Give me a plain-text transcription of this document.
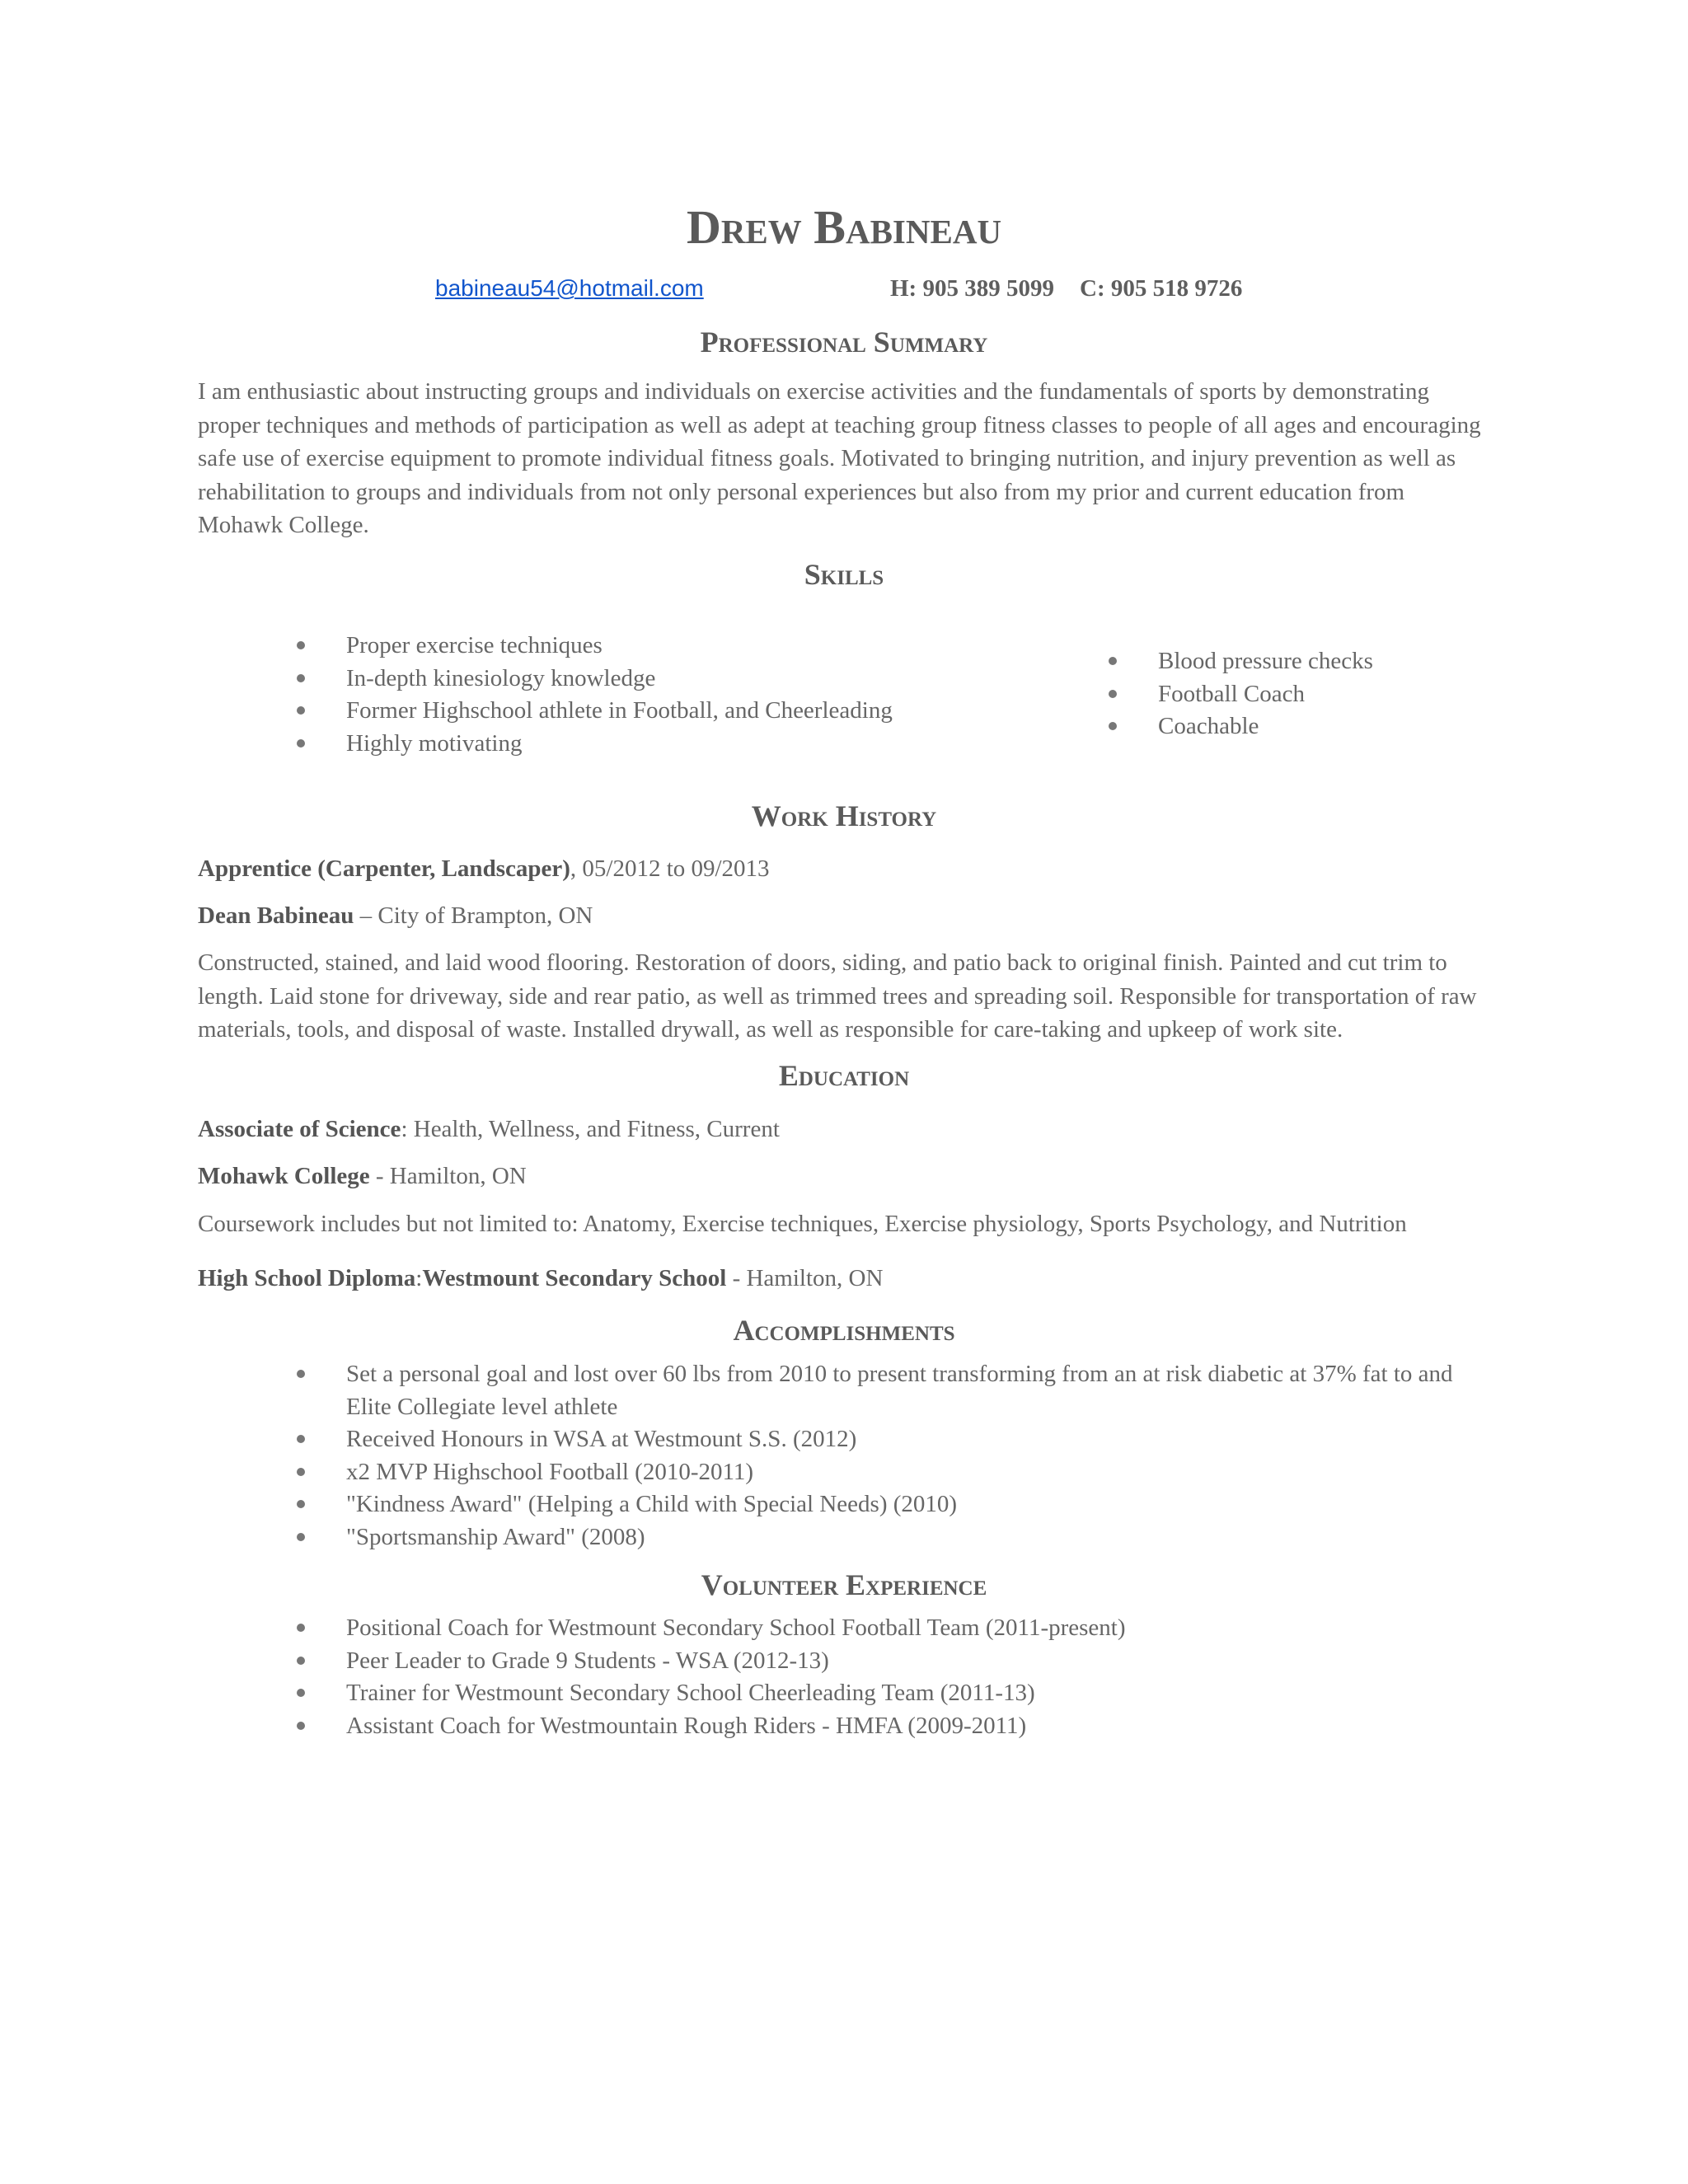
Drew Babineau
babineau54@hotmail.com	H: 905 389 5099 C: 905 518 9726
Professional Summary
I am enthusiastic about instructing groups and individuals on exercise activities and the fundamentals of sports by demonstrating proper techniques and methods of participation as well as adept at teaching group fitness classes to people of all ages and encouraging safe use of exercise equipment to promote individual fitness goals. Motivated to bringing nutrition, and injury prevention as well as rehabilitation to groups and individuals from not only personal experiences but also from my prior and current education from Mohawk College.
Skills
Proper exercise techniques
In-depth kinesiology knowledge
Former Highschool athlete in Football, and Cheerleading
Highly motivating
Blood pressure checks
Football Coach
Coachable
Work History
Apprentice (Carpenter, Landscaper), 05/2012 to 09/2013
Dean Babineau – City of Brampton, ON
Constructed, stained, and laid wood flooring. Restoration of doors, siding, and patio back to original finish. Painted and cut trim to length. Laid stone for driveway, side and rear patio, as well as trimmed trees and spreading soil. Responsible for transportation of raw materials, tools, and disposal of waste. Installed drywall, as well as responsible for care-taking and upkeep of work site.
Education
Associate of Science: Health, Wellness, and Fitness, Current
Mohawk College - Hamilton, ON
Coursework includes but not limited to: Anatomy, Exercise techniques, Exercise physiology, Sports Psychology, and Nutrition
High School Diploma:Westmount Secondary School - Hamilton, ON
Accomplishments
Set a personal goal and lost over 60 lbs from 2010 to present transforming from an at risk diabetic at 37% fat to and Elite Collegiate level athlete
Received Honours in WSA at Westmount S.S. (2012)
x2 MVP Highschool Football (2010-2011)
"Kindness Award" (Helping a Child with Special Needs) (2010)
"Sportsmanship Award" (2008)
Volunteer Experience
Positional Coach for Westmount Secondary School Football Team (2011-present)
Peer Leader to Grade 9 Students - WSA (2012-13)
Trainer for Westmount Secondary School Cheerleading Team (2011-13)
Assistant Coach for Westmountain Rough Riders - HMFA (2009-2011)
